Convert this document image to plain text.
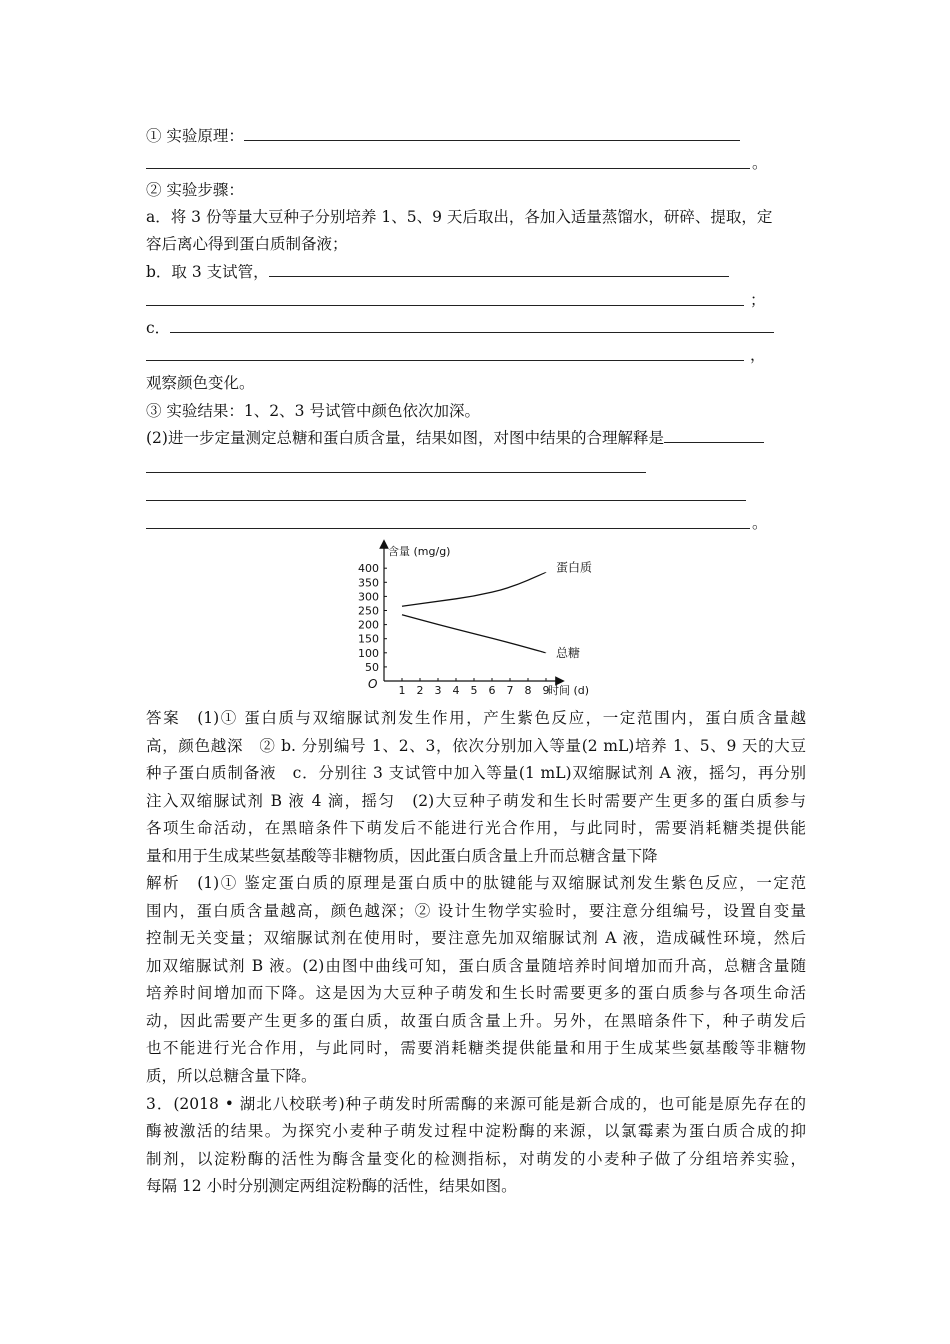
① 实验原理：
。
② 实验步骤：
a．将 3 份等量大豆种子分别培养 1、5、9 天后取出，各加入适量蒸馏水，研碎、提取，定
容后离心得到蛋白质制备液；
b．取 3 支试管，
；
c．
，
观察颜色变化。
③ 实验结果：1、2、3 号试管中颜色依次加深。
(2)进一步定量测定总糖和蛋白质含量，结果如图，对图中结果的合理解释是
。
含量 (mg/g)
时间 (d)
O
50
100
150
200
250
300
350
400
1 2 3 4 5 6 7 8 9
蛋白质
总糖
答案　(1)① 蛋白质与双缩脲试剂发生作用，产生紫色反应，一定范围内，蛋白质含量越
高，颜色越深　② b. 分别编号 1、2、3，依次分别加入等量(2 mL)培养 1、5、9 天的大豆
种子蛋白质制备液　c．分别往 3 支试管中加入等量(1 mL)双缩脲试剂 A 液，摇匀，再分别
注入双缩脲试剂 B 液 4 滴，摇匀　(2)大豆种子萌发和生长时需要产生更多的蛋白质参与
各项生命活动，在黑暗条件下萌发后不能进行光合作用，与此同时，需要消耗糖类提供能
量和用于生成某些氨基酸等非糖物质，因此蛋白质含量上升而总糖含量下降
解析　(1)① 鉴定蛋白质的原理是蛋白质中的肽键能与双缩脲试剂发生紫色反应，一定范
围内，蛋白质含量越高，颜色越深；② 设计生物学实验时，要注意分组编号，设置自变量
控制无关变量；双缩脲试剂在使用时，要注意先加双缩脲试剂 A 液，造成碱性环境，然后
加双缩脲试剂 B 液。(2)由图中曲线可知，蛋白质含量随培养时间增加而升高，总糖含量随
培养时间增加而下降。这是因为大豆种子萌发和生长时需要更多的蛋白质参与各项生命活
动，因此需要产生更多的蛋白质，故蛋白质含量上升。另外，在黑暗条件下，种子萌发后
也不能进行光合作用，与此同时，需要消耗糖类提供能量和用于生成某些氨基酸等非糖物
质，所以总糖含量下降。
3．(2018 • 湖北八校联考)种子萌发时所需酶的来源可能是新合成的，也可能是原先存在的
酶被激活的结果。为探究小麦种子萌发过程中淀粉酶的来源，以氯霉素为蛋白质合成的抑
制剂，以淀粉酶的活性为酶含量变化的检测指标，对萌发的小麦种子做了分组培养实验，
每隔 12 小时分别测定两组淀粉酶的活性，结果如图。
